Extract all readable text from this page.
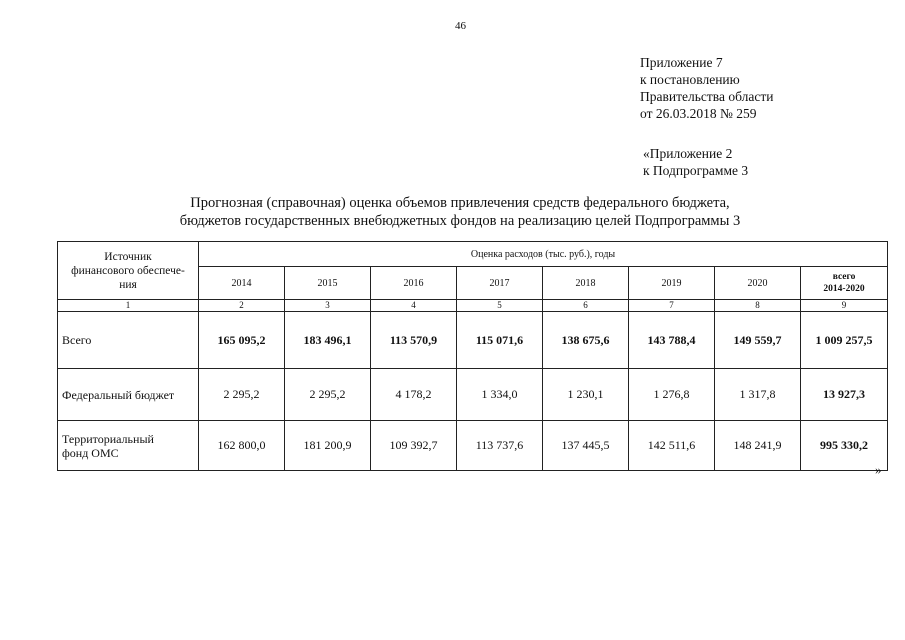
46
Приложение 7
к постановлению
Правительства области
от 26.03.2018 № 259
«Приложение 2
к Подпрограмме 3
Прогнозная (справочная) оценка объемов привлечения средств федерального бюджета,
бюджетов государственных внебюджетных фондов на реализацию целей Подпрограммы 3
Источник
финансового обеспече-
ния	Оценка расходов (тыс. руб.), годы							
	2014	2015	2016	2017	2018	2019	2020	всего
2014-2020

1	2	3	4	5	6	7	8	9

Всего	165 095,2	183 496,1	113 570,9	115 071,6	138 675,6	143 788,4	149 559,7	1 009 257,5

Федеральный бюджет	2 295,2	2 295,2	4 178,2	1 334,0	1 230,1	1 276,8	1 317,8	13 927,3

Территориальный
фонд ОМС	162 800,0	181 200,9	109 392,7	113 737,6	137 445,5	142 511,6	148 241,9	995 330,2
»
